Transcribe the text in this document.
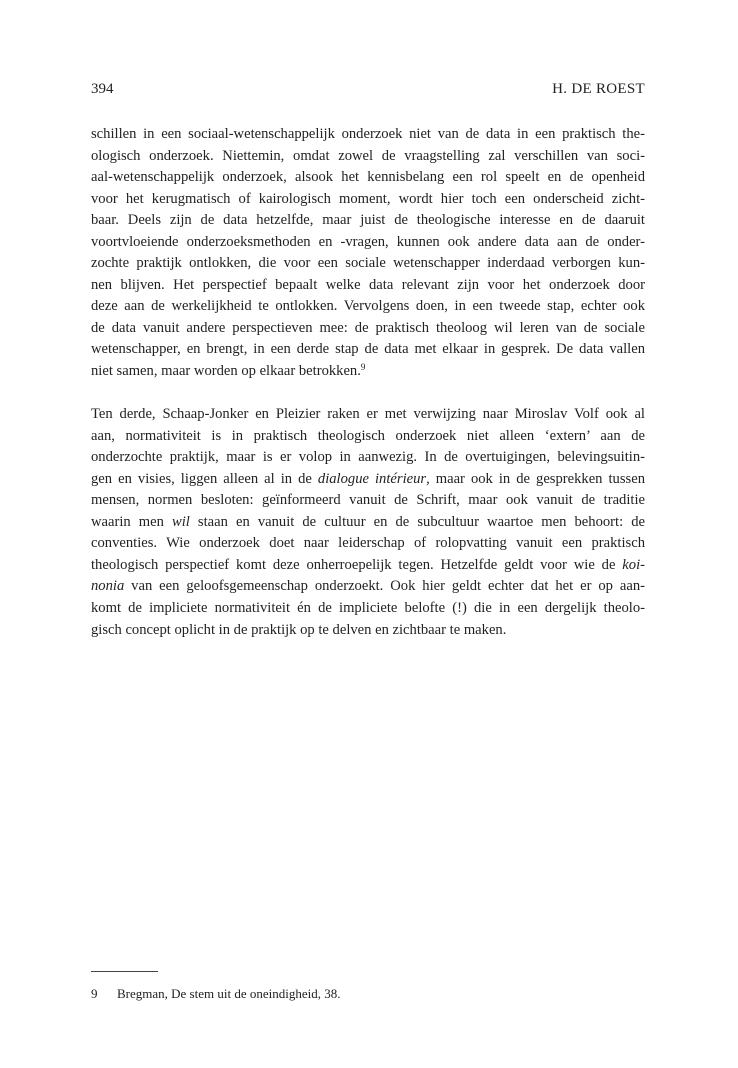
394	H. DE ROEST
schillen in een sociaal-wetenschappelijk onderzoek niet van de data in een praktisch the-
ologisch onderzoek. Niettemin, omdat zowel de vraagstelling zal verschillen van soci-
aal-wetenschappelijk onderzoek, alsook het kennisbelang een rol speelt en de openheid
voor het kerugmatisch of kairologisch moment, wordt hier toch een onderscheid zicht-
baar. Deels zijn de data hetzelfde, maar juist de theologische interesse en de daaruit
voortvloeiende onderzoeksmethoden en -vragen, kunnen ook andere data aan de onder-
zochte praktijk ontlokken, die voor een sociale wetenschapper inderdaad verborgen kun-
nen blijven. Het perspectief bepaalt welke data relevant zijn voor het onderzoek door
deze aan de werkelijkheid te ontlokken. Vervolgens doen, in een tweede stap, echter ook
de data vanuit andere perspectieven mee: de praktisch theoloog wil leren van de sociale
wetenschapper, en brengt, in een derde stap de data met elkaar in gesprek. De data vallen
niet samen, maar worden op elkaar betrokken.$^9$
Ten derde, Schaap-Jonker en Pleizier raken er met verwijzing naar Miroslav Volf ook al
aan, normativiteit is in praktisch theologisch onderzoek niet alleen ‘extern’ aan de
onderzochte praktijk, maar is er volop in aanwezig. In de overtuigingen, belevingsuitin-
gen en visies, liggen alleen al in de dialogue intérieur, maar ook in de gesprekken tussen
mensen, normen besloten: geïnformeerd vanuit de Schrift, maar ook vanuit de traditie
waarin men wil staan en vanuit de cultuur en de subcultuur waartoe men behoort: de
conventies. Wie onderzoek doet naar leiderschap of rolopvatting vanuit een praktisch
theologisch perspectief komt deze onherroepelijk tegen. Hetzelfde geldt voor wie de koi-
nonia van een geloofsgemeenschap onderzoekt. Ook hier geldt echter dat het er op aan-
komt de impliciete normativiteit én de impliciete belofte (!) die in een dergelijk theolo-
gisch concept oplicht in de praktijk op te delven en zichtbaar te maken.
9 Bregman, De stem uit de oneindigheid, 38.
